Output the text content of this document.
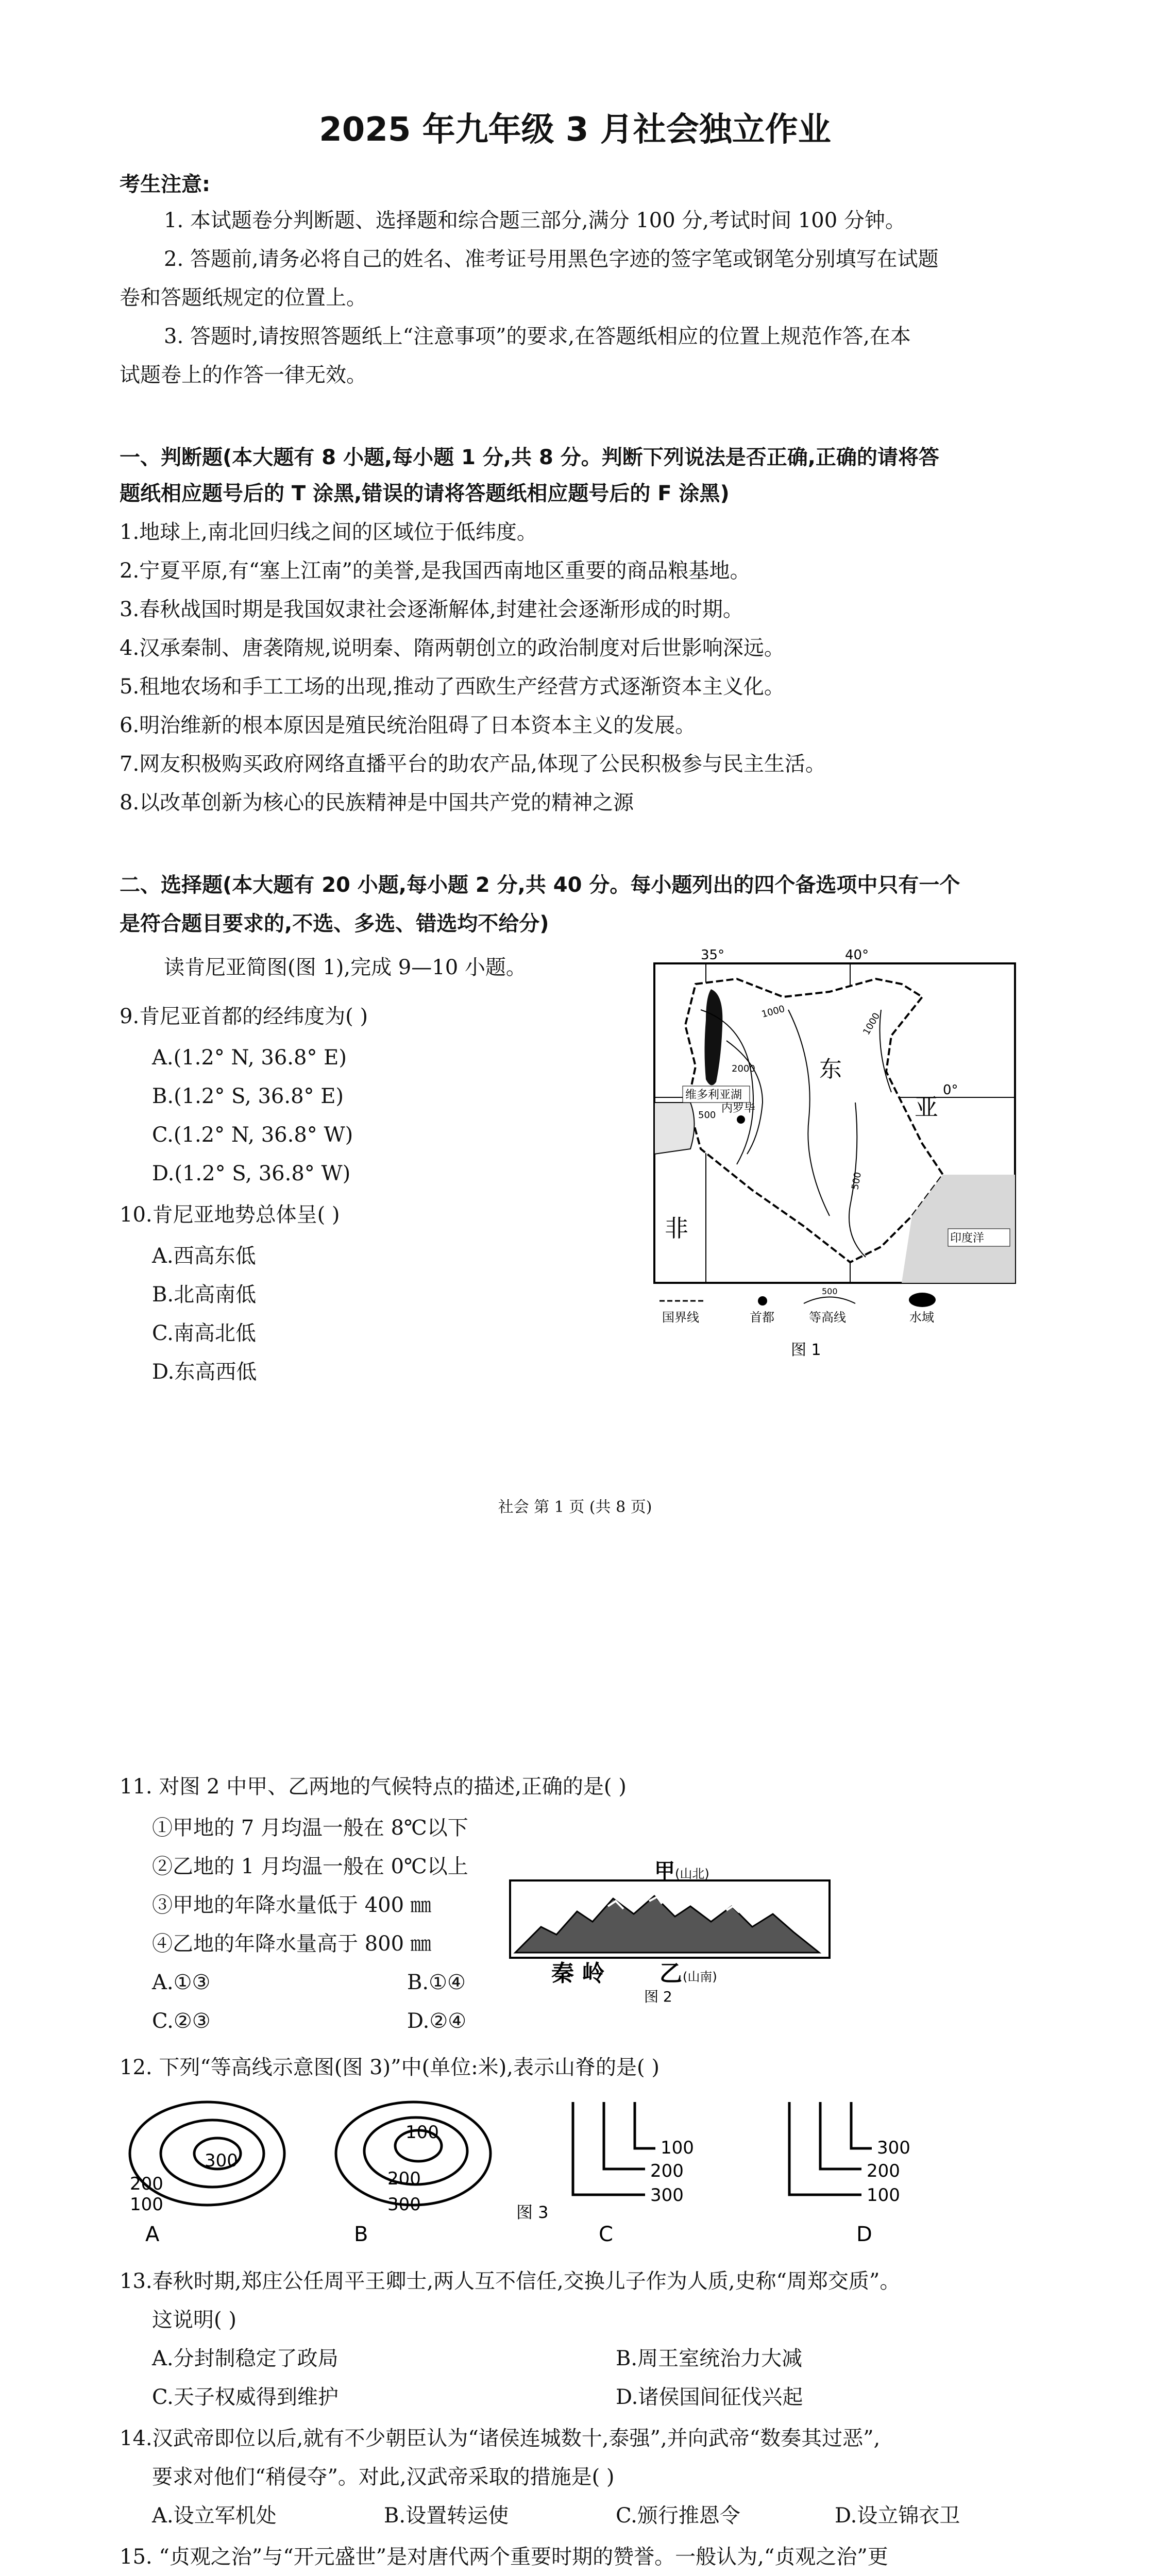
2025 年九年级 3 月社会独立作业
考生注意:
1. 本试题卷分判断题、选择题和综合题三部分,满分 100 分,考试时间 100 分钟。
2. 答题前,请务必将自己的姓名、准考证号用黑色字迹的签字笔或钢笔分别填写在试题
卷和答题纸规定的位置上。
3. 答题时,请按照答题纸上“注意事项”的要求,在答题纸相应的位置上规范作答,在本
试题卷上的作答一律无效。
一、判断题(本大题有 8 小题,每小题 1 分,共 8 分。判断下列说法是否正确,正确的请将答
题纸相应题号后的 T 涂黑,错误的请将答题纸相应题号后的 F 涂黑)
1.地球上,南北回归线之间的区域位于低纬度。
2.宁夏平原,有“塞上江南”的美誉,是我国西南地区重要的商品粮基地。
3.春秋战国时期是我国奴隶社会逐渐解体,封建社会逐渐形成的时期。
4.汉承秦制、唐袭隋规,说明秦、隋两朝创立的政治制度对后世影响深远。
5.租地农场和手工工场的出现,推动了西欧生产经营方式逐渐资本主义化。
6.明治维新的根本原因是殖民统治阻碍了日本资本主义的发展。
7.网友积极购买政府网络直播平台的助农产品,体现了公民积极参与民主生活。
8.以改革创新为核心的民族精神是中国共产党的精神之源
二、选择题(本大题有 20 小题,每小题 2 分,共 40 分。每小题列出的四个备选项中只有一个
是符合题目要求的,不选、多选、错选均不给分)
读肯尼亚简图(图 1),完成 9—10 小题。
9.肯尼亚首都的经纬度为( )
A.(1.2° N, 36.8° E)
B.(1.2° S, 36.8° E)
C.(1.2° N, 36.8° W)
D.(1.2° S, 36.8° W)
10.肯尼亚地势总体呈( )
A.西高东低
B.北高南低
C.南高北低
D.东高西低
35°	40°
0°
1000
2000
1000
500
500
维多利亚湖
内罗毕
东
非
亚
印度洋
国界线	首都
500
等高线	水域
图 1
社会 第 1 页 (共 8 页)
11. 对图 2 中甲、乙两地的气候特点的描述,正确的是( )
①甲地的 7 月均温一般在 8℃以下
②乙地的 1 月均温一般在 0℃以上
③甲地的年降水量低于 400 ㎜
④乙地的年降水量高于 800 ㎜
A.①③	B.①④
C.②③	D.②④
甲 (山北)
秦 岭 乙 (山南)
图 2
12. 下列“等高线示意图(图 3)”中(单位:米),表示山脊的是( )
300
200
100
A
100
200
300
B
100
200
300
图 3
C
300
200
100
D
13.春秋时期,郑庄公任周平王卿士,两人互不信任,交换儿子作为人质,史称“周郑交质”。
这说明( )
A.分封制稳定了政局	B.周王室统治力大减
C.天子权威得到维护	D.诸侯国间征伐兴起
14.汉武帝即位以后,就有不少朝臣认为“诸侯连城数十,泰强”,并向武帝“数奏其过恶”,
要求对他们“稍侵夺”。对此,汉武帝采取的措施是( )
A.设立军机处	B.设置转运使	C.颁行推恩令	D.设立锦衣卫
15. “贞观之治”与“开元盛世”是对唐代两个重要时期的赞誉。一般认为,“贞观之治”更
